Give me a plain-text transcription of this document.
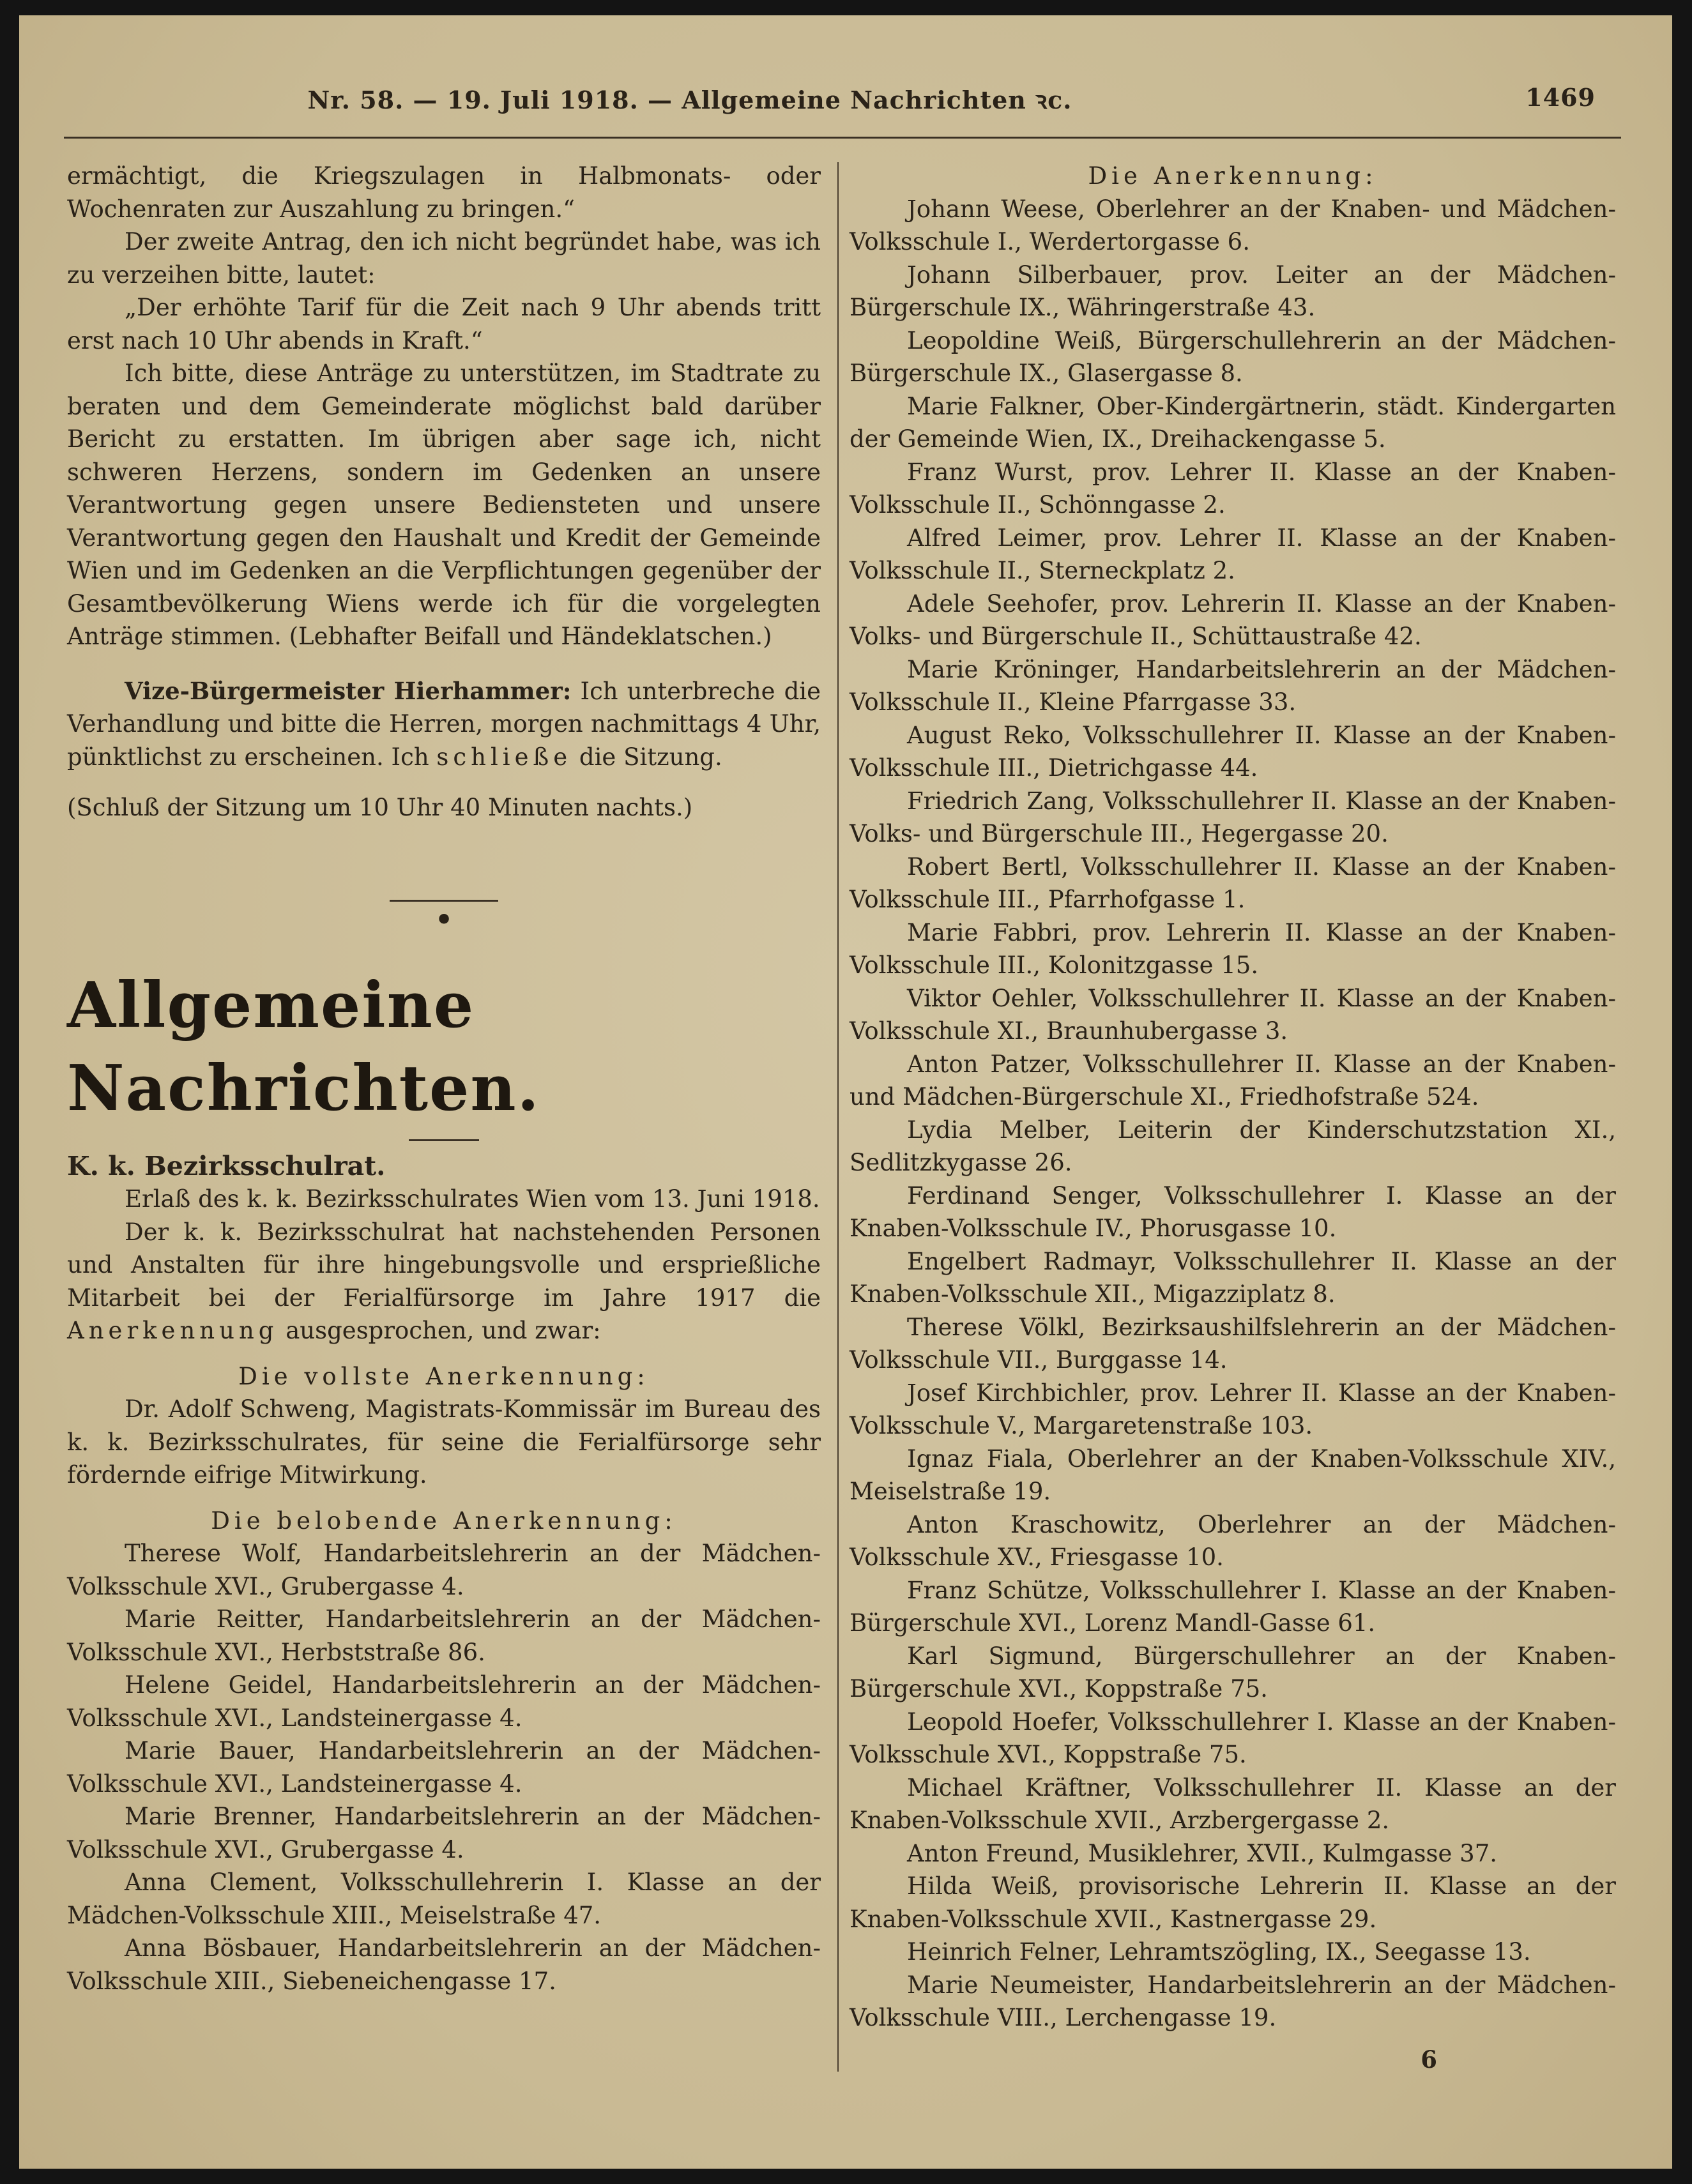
Nr. 58. — 19. Juli 1918. — Allgemeine Nachrichten ꝛc.	1469

ermächtigt, die Kriegszulagen in Halbmonats- oder Wochenraten zur Auszahlung zu bringen.“

Der zweite Antrag, den ich nicht begründet habe, was ich zu verzeihen bitte, lautet:

„Der erhöhte Tarif für die Zeit nach 9 Uhr abends tritt erst nach 10 Uhr abends in Kraft.“

Ich bitte, diese Anträge zu unterstützen, im Stadtrate zu beraten und dem Gemeinderate möglichst bald darüber Bericht zu erstatten. Im übrigen aber sage ich, nicht schweren Herzens, sondern im Gedenken an unsere Verantwortung gegen unsere Bediensteten und unsere Verantwortung gegen den Haushalt und Kredit der Gemeinde Wien und im Gedenken an die Verpflichtungen gegenüber der Gesamtbevölkerung Wiens werde ich für die vorgelegten Anträge stimmen. (Lebhafter Beifall und Händeklatschen.)

Vize-Bürgermeister Hierhammer: Ich unterbreche die Verhandlung und bitte die Herren, morgen nachmittags 4 Uhr, pünktlichst zu erscheinen. Ich schließe die Sitzung.

(Schluß der Sitzung um 10 Uhr 40 Minuten nachts.)

•

Allgemeine Nachrichten.

K. k. Bezirksschulrat.

Erlaß des k. k. Bezirksschulrates Wien vom 13. Juni 1918.

Der k. k. Bezirksschulrat hat nachstehenden Personen und Anstalten für ihre hingebungsvolle und ersprießliche Mitarbeit bei der Ferialfürsorge im Jahre 1917 die Anerkennung ausgesprochen, und zwar:

Die vollste Anerkennung:

Dr. Adolf Schweng, Magistrats-Kommissär im Bureau des k. k. Bezirksschulrates, für seine die Ferialfürsorge sehr fördernde eifrige Mitwirkung.

Die belobende Anerkennung:

Therese Wolf, Handarbeitslehrerin an der Mädchen-Volksschule XVI., Grubergasse 4.

Marie Reitter, Handarbeitslehrerin an der Mädchen-Volksschule XVI., Herbststraße 86.

Helene Geidel, Handarbeitslehrerin an der Mädchen-Volksschule XVI., Landsteinergasse 4.

Marie Bauer, Handarbeitslehrerin an der Mädchen-Volksschule XVI., Landsteinergasse 4.

Marie Brenner, Handarbeitslehrerin an der Mädchen-Volksschule XVI., Grubergasse 4.

Anna Clement, Volksschullehrerin I. Klasse an der Mädchen-Volksschule XIII., Meiselstraße 47.

Anna Bösbauer, Handarbeitslehrerin an der Mädchen-Volksschule XIII., Siebeneichengasse 17.

Die Anerkennung:

Johann Weese, Oberlehrer an der Knaben- und Mädchen-Volksschule I., Werdertorgasse 6.

Johann Silberbauer, prov. Leiter an der Mädchen-Bürgerschule IX., Währingerstraße 43.

Leopoldine Weiß, Bürgerschullehrerin an der Mädchen-Bürgerschule IX., Glasergasse 8.

Marie Falkner, Ober-Kindergärtnerin, städt. Kindergarten der Gemeinde Wien, IX., Dreihackengasse 5.

Franz Wurst, prov. Lehrer II. Klasse an der Knaben-Volksschule II., Schönngasse 2.

Alfred Leimer, prov. Lehrer II. Klasse an der Knaben-Volksschule II., Sterneckplatz 2.

Adele Seehofer, prov. Lehrerin II. Klasse an der Knaben-Volks- und Bürgerschule II., Schüttaustraße 42.

Marie Kröninger, Handarbeitslehrerin an der Mädchen-Volksschule II., Kleine Pfarrgasse 33.

August Reko, Volksschullehrer II. Klasse an der Knaben-Volksschule III., Dietrichgasse 44.

Friedrich Zang, Volksschullehrer II. Klasse an der Knaben-Volks- und Bürgerschule III., Hegergasse 20.

Robert Bertl, Volksschullehrer II. Klasse an der Knaben-Volksschule III., Pfarrhofgasse 1.

Marie Fabbri, prov. Lehrerin II. Klasse an der Knaben-Volksschule III., Kolonitzgasse 15.

Viktor Oehler, Volksschullehrer II. Klasse an der Knaben-Volksschule XI., Braunhubergasse 3.

Anton Patzer, Volksschullehrer II. Klasse an der Knaben- und Mädchen-Bürgerschule XI., Friedhofstraße 524.

Lydia Melber, Leiterin der Kinderschutzstation XI., Sedlitzkygasse 26.

Ferdinand Senger, Volksschullehrer I. Klasse an der Knaben-Volksschule IV., Phorusgasse 10.

Engelbert Radmayr, Volksschullehrer II. Klasse an der Knaben-Volksschule XII., Migazziplatz 8.

Therese Völkl, Bezirksaushilfslehrerin an der Mädchen-Volksschule VII., Burggasse 14.

Josef Kirchbichler, prov. Lehrer II. Klasse an der Knaben-Volksschule V., Margaretenstraße 103.

Ignaz Fiala, Oberlehrer an der Knaben-Volksschule XIV., Meiselstraße 19.

Anton Kraschowitz, Oberlehrer an der Mädchen-Volksschule XV., Friesgasse 10.

Franz Schütze, Volksschullehrer I. Klasse an der Knaben-Bürgerschule XVI., Lorenz Mandl-Gasse 61.

Karl Sigmund, Bürgerschullehrer an der Knaben-Bürgerschule XVI., Koppstraße 75.

Leopold Hoefer, Volksschullehrer I. Klasse an der Knaben-Volksschule XVI., Koppstraße 75.

Michael Kräftner, Volksschullehrer II. Klasse an der Knaben-Volksschule XVII., Arzbergergasse 2.

Anton Freund, Musiklehrer, XVII., Kulmgasse 37.

Hilda Weiß, provisorische Lehrerin II. Klasse an der Knaben-Volksschule XVII., Kastnergasse 29.

Heinrich Felner, Lehramtszögling, IX., Seegasse 13.

Marie Neumeister, Handarbeitslehrerin an der Mädchen-Volksschule VIII., Lerchengasse 19.

6
